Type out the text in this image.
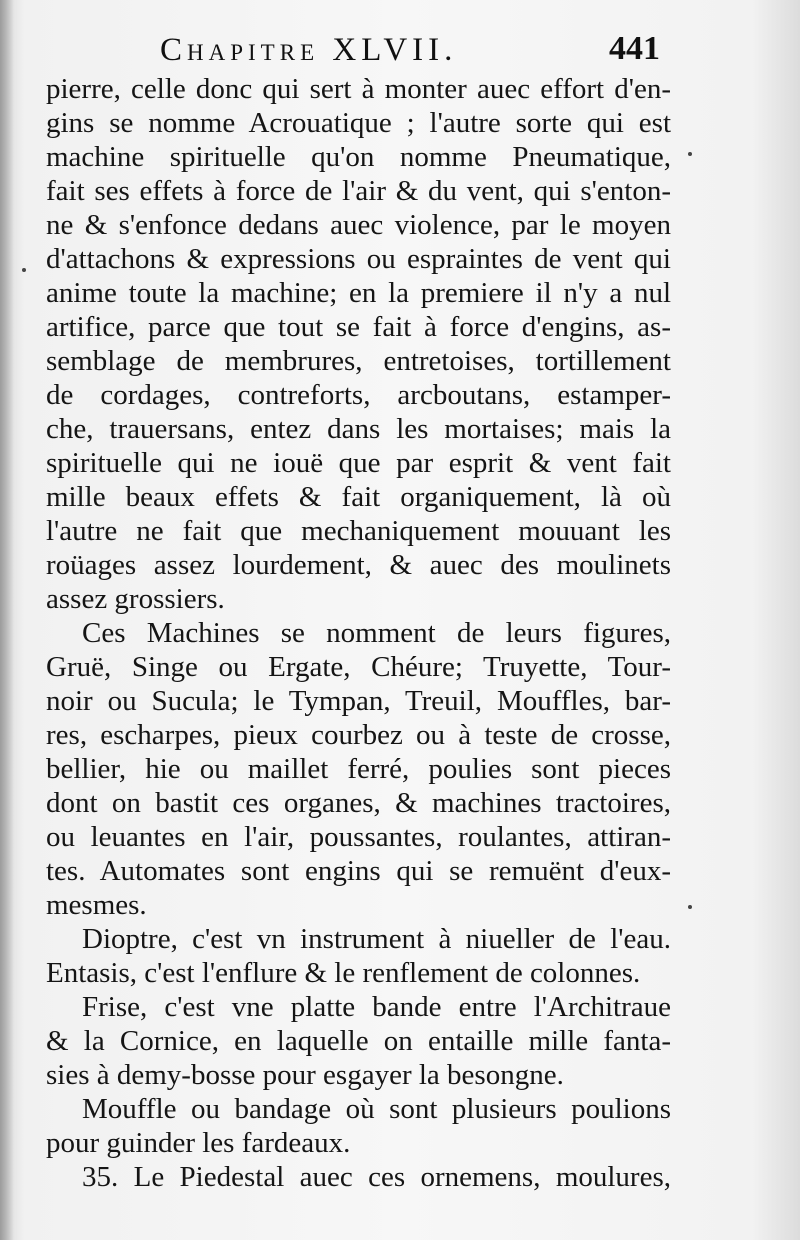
Chapitre XLVII.	441
pierre, celle donc qui sert à monter auec effort d'en-
gins se nomme Acrouatique ; l'autre sorte qui est
machine spirituelle qu'on nomme Pneumatique,
fait ses effets à force de l'air & du vent, qui s'enton-
ne & s'enfonce dedans auec violence, par le moyen
d'attachons & expressions ou espraintes de vent qui
anime toute la machine; en la premiere il n'y a nul
artifice, parce que tout se fait à force d'engins, as-
semblage de membrures, entretoises, tortillement
de cordages, contreforts, arcboutans, estamper-
che, trauersans, entez dans les mortaises; mais la
spirituelle qui ne iouë que par esprit & vent fait
mille beaux effets & fait organiquement, là où
l'autre ne fait que mechaniquement mouuant les
roüages assez lourdement, & auec des moulinets
assez grossiers.
Ces Machines se nomment de leurs figures,
Gruë, Singe ou Ergate, Chéure; Truyette, Tour-
noir ou Sucula; le Tympan, Treuil, Mouffles, bar-
res, escharpes, pieux courbez ou à teste de crosse,
bellier, hie ou maillet ferré, poulies sont pieces
dont on bastit ces organes, & machines tractoires,
ou leuantes en l'air, poussantes, roulantes, attiran-
tes. Automates sont engins qui se remuënt d'eux-
mesmes.
Dioptre, c'est vn instrument à niueller de l'eau.
Entasis, c'est l'enflure & le renflement de colonnes.
Frise, c'est vne platte bande entre l'Architraue
& la Cornice, en laquelle on entaille mille fanta-
sies à demy-bosse pour esgayer la besongne.
Mouffle ou bandage où sont plusieurs poulions
pour guinder les fardeaux.
35. Le Piedestal auec ces ornemens, moulures,
